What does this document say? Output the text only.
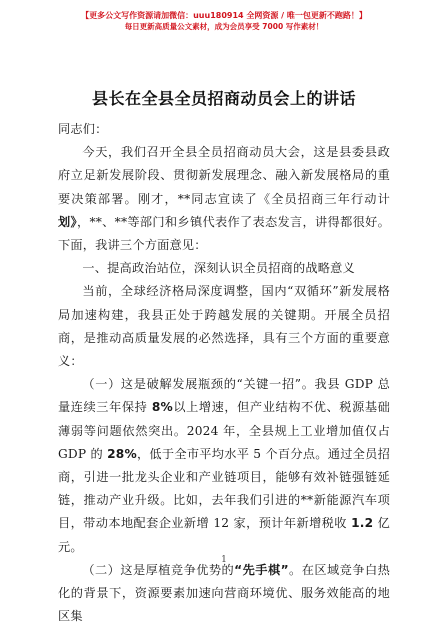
【更多公文写作资源请加微信：uuu180914 全网资源 / 唯一包更新不跑路！】
每日更新高质量公文素材，成为会员享受 7000 写作素材！
县长在全县全员招商动员会上的讲话

同志们：

今天，我们召开全县全员招商动员大会，这是县委县政府立足新发展阶段、贯彻新发展理念、融入新发展格局的重要决策部署。刚才，**同志宣读了《全员招商三年行动计划》，**、**等部门和乡镇代表作了表态发言，讲得都很好。下面，我讲三个方面意见：

一、提高政治站位，深刻认识全员招商的战略意义

当前，全球经济格局深度调整，国内“双循环”新发展格局加速构建，我县正处于跨越发展的关键期。开展全员招商，是推动高质量发展的必然选择，具有三个方面的重要意义：

（一）这是破解发展瓶颈的“关键一招”。我县 GDP 总量连续三年保持 8%以上增速，但产业结构不优、税源基础薄弱等问题依然突出。2024 年，全县规上工业增加值仅占 GDP 的 28%，低于全市平均水平 5 个百分点。通过全员招商，引进一批龙头企业和产业链项目，能够有效补链强链延链，推动产业升级。比如，去年我们引进的**新能源汽车项目，带动本地配套企业新增 12 家，预计年新增税收 1.2 亿元。

（二）这是厚植竞争优势的“先手棋”。在区域竞争白热化的背景下，资源要素加速向营商环境优、服务效能高的地区集

1
